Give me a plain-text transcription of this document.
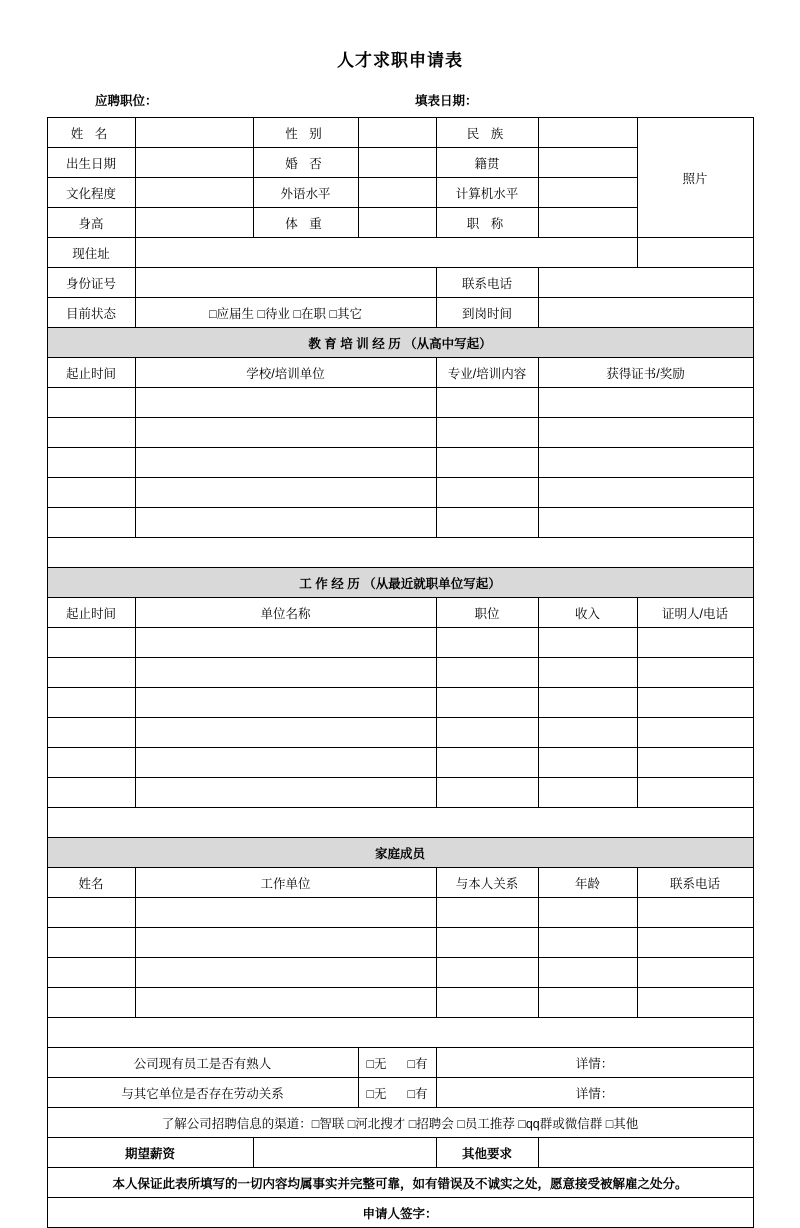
人才求职申请表
应聘职位：	填表日期：
姓 名		性 别		民 族		照片
出生日期		婚 否		籍贯		
文化程度		外语水平		计算机水平		
身高		体 重		职 称		
现住址						
身份证号				联系电话		
目前状态	□应届生 □待业 □在职 □其它			到岗时间		
教 育 培 训 经 历 （从高中写起）						
起止时间	学校/培训单位			专业/培训内容	获得证书/奖励	

工 作 经 历 （从最近就职单位写起）						
起止时间	单位名称			职位	收入	证明人/电话

家庭成员						
姓名	工作单位			与本人关系	年龄	联系电话

公司现有员工是否有熟人			□无 □有	详情：		
与其它单位是否存在劳动关系			□无 □有	详情：		
了解公司招聘信息的渠道：□智联 □河北搜才 □招聘会 □员工推荐 □qq群或微信群 □其他						
期望薪资				其他要求		
本人保证此表所填写的一切内容均属事实并完整可靠，如有错误及不诚实之处，愿意接受被解雇之处分。						
申请人签字：						
